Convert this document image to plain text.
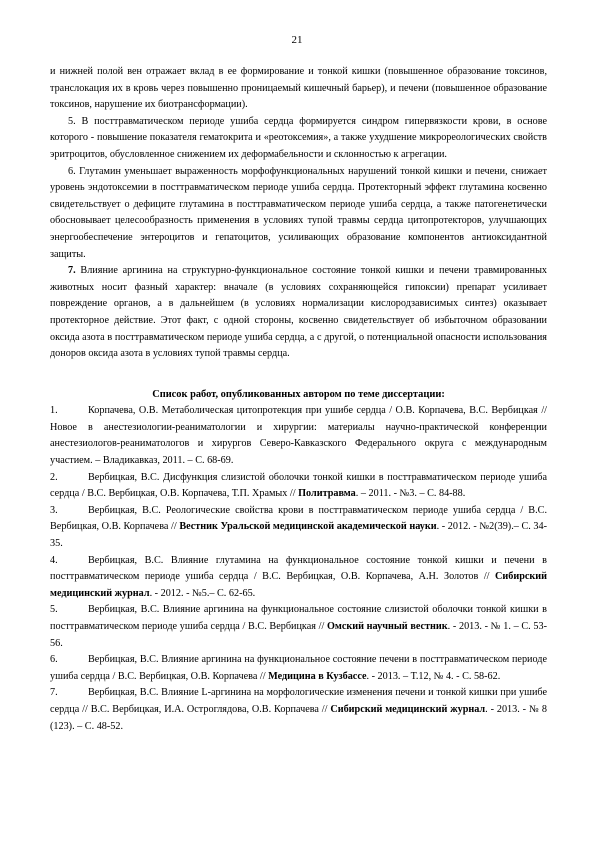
21

и нижней полой вен отражает вклад в ее формирование и тонкой кишки (повышенное образование токсинов, транслокация их в кровь через повышенно проницаемый кишечный барьер), и печени (повышенное образование токсинов, нарушение их биотрансформации).

5. В посттравматическом периоде ушиба сердца формируется синдром гипервязкости крови, в основе которого - повышение показателя гематокрита и «реотоксемия», а также ухудшение микрореологических свойств эритроцитов, обусловленное снижением их деформабельности и склонностью к агрегации.

6. Глутамин уменьшает выраженность морфофункциональных нарушений тонкой кишки и печени, снижает уровень эндотоксемии в посттравматическом периоде ушиба сердца. Протекторный эффект глутамина косвенно свидетельствует о дефиците глутамина в посттравматическом периоде ушиба сердца, а также патогенетически обосновывает целесообразность применения в условиях тупой травмы сердца цитопротекторов, улучшающих энергообеспечение энтероцитов и гепатоцитов, усиливающих образование компонентов антиоксидантной защиты.

7. Влияние аргинина на структурно-функциональное состояние тонкой кишки и печени травмированных животных носит фазный характер: вначале (в условиях сохраняющейся гипоксии) препарат усиливает повреждение органов, а в дальнейшем (в условиях нормализации кислородзависимых синтез) оказывает протекторное действие. Этот факт, с одной стороны, косвенно свидетельствует об избыточном образовании оксида азота в посттравматическом периоде ушиба сердца, а с другой, о потенциальной опасности использования доноров оксида азота в условиях тупой травмы сердца.

Список работ, опубликованных автором по теме диссертации:

1.	Корпачева, О.В. Метаболическая цитопротекция при ушибе сердца / О.В. Корпачева, В.С. Вербицкая // Новое в анестезиологии-реаниматологии и хирургии: материалы научно-практической конференции анестезиологов-реаниматологов и хирургов Северо-Кавказского Федерального округа с международным участием. – Владикавказ, 2011. – С. 68-69.

2.	Вербицкая, В.С. Дисфункция слизистой оболочки тонкой кишки в посттравматическом периоде ушиба сердца / В.С. Вербицкая, О.В. Корпачева, Т.П. Храмых // Политравма. – 2011. - №3. – С. 84-88.

3.	Вербицкая, В.С. Реологические свойства крови в посттравматическом периоде ушиба сердца / В.С. Вербицкая, О.В. Корпачева // Вестник Уральской медицинской академической науки. - 2012. - №2(39).– С. 34-35.

4.	Вербицкая, В.С. Влияние глутамина на функциональное состояние тонкой кишки и печени в посттравматическом периоде ушиба сердца / В.С. Вербицкая, О.В. Корпачева, А.Н. Золотов // Сибирский медицинский журнал. - 2012. - №5.– С. 62-65.

5.	Вербицкая, В.С. Влияние аргинина на функциональное состояние слизистой оболочки тонкой кишки в посттравматическом периоде ушиба сердца / В.С. Вербицкая // Омский научный вестник. - 2013. - № 1. – С. 53-56.

6.	Вербицкая, В.С. Влияние аргинина на функциональное состояние печени в посттравматическом периоде ушиба сердца / В.С. Вербицкая, О.В. Корпачева // Медицина в Кузбассе. - 2013. – Т.12, № 4. - С. 58-62.

7.	Вербицкая, В.С. Влияние L-аргинина на морфологические изменения печени и тонкой кишки при ушибе сердца // В.С. Вербицкая, И.А. Остроглядова, О.В. Корпачева // Сибирский медицинский журнал. - 2013. - № 8 (123). – С. 48-52.
